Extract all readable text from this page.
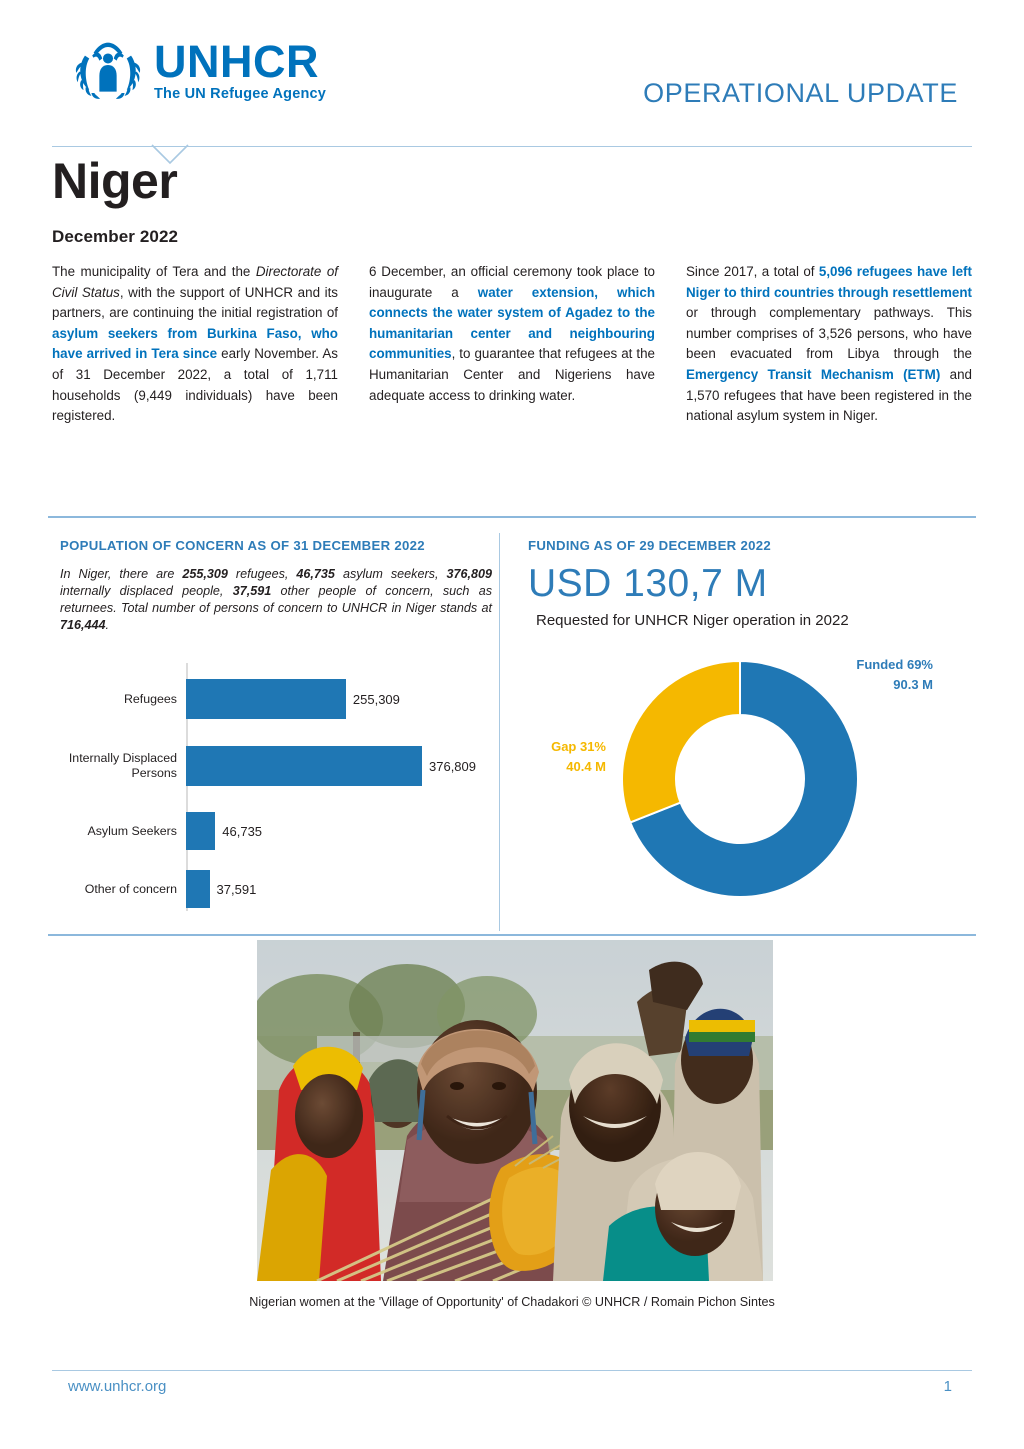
UNHCR
The UN Refugee Agency	OPERATIONAL UPDATE
Niger
December 2022
The municipality of Tera and the Directorate of Civil Status, with the support of UNHCR and its partners, are continuing the initial registration of asylum seekers from Burkina Faso, who have arrived in Tera since early November. As of 31 December 2022, a total of 1,711 households (9,449 individuals) have been registered.
6 December, an official ceremony took place to inaugurate a water extension, which connects the water system of Agadez to the humanitarian center and neighbouring communities, to guarantee that refugees at the Humanitarian Center and Nigeriens have adequate access to drinking water.
Since 2017, a total of 5,096 refugees have left Niger to third countries through resettlement or through complementary pathways. This number comprises of 3,526 persons, who have been evacuated from Libya through the Emergency Transit Mechanism (ETM) and 1,570 refugees that have been registered in the national asylum system in Niger.
POPULATION OF CONCERN AS OF 31 DECEMBER 2022
In Niger, there are 255,309 refugees, 46,735 asylum seekers, 376,809 internally displaced people, 37,591 other people of concern, such as returnees. Total number of persons of concern to UNHCR in Niger stands at 716,444.
Refugees	255,309
Internally Displaced Persons	376,809
Asylum Seekers	46,735
Other of concern	37,591
FUNDING AS OF 29 DECEMBER 2022
USD 130,7 M
Requested for UNHCR Niger operation in 2022
Funded 69%
90.3 M
Gap 31%
40.4 M
Nigerian women at the 'Village of Opportunity' of Chadakori © UNHCR / Romain Pichon Sintes
www.unhcr.org	1
